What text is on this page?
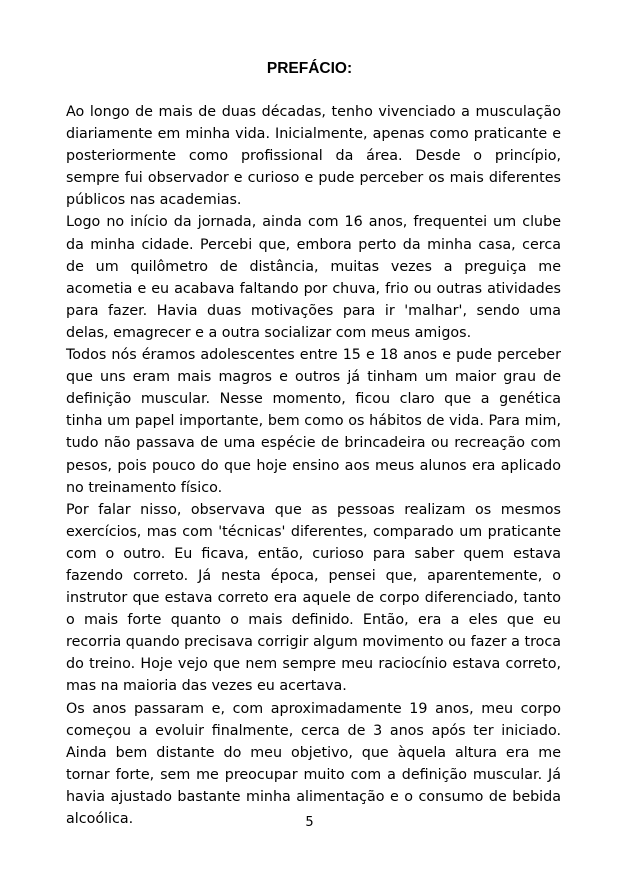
PREFÁCIO:

Ao longo de mais de duas décadas, tenho vivenciado a musculação diariamente em minha vida. Inicialmente, apenas como praticante e posteriormente como profissional da área. Desde o princípio, sempre fui observador e curioso e pude perceber os mais diferentes públicos nas academias.

Logo no início da jornada, ainda com 16 anos, frequentei um clube da minha cidade. Percebi que, embora perto da minha casa, cerca de um quilômetro de distância, muitas vezes a preguiça me acometia e eu acabava faltando por chuva, frio ou outras atividades para fazer. Havia duas motivações para ir 'malhar', sendo uma delas, emagrecer e a outra socializar com meus amigos.

Todos nós éramos adolescentes entre 15 e 18 anos e pude perceber que uns eram mais magros e outros já tinham um maior grau de definição muscular. Nesse momento, ficou claro que a genética tinha um papel importante, bem como os hábitos de vida. Para mim, tudo não passava de uma espécie de brincadeira ou recreação com pesos, pois pouco do que hoje ensino aos meus alunos era aplicado no treinamento físico.

Por falar nisso, observava que as pessoas realizam os mesmos exercícios, mas com 'técnicas' diferentes, comparado um praticante com o outro. Eu ficava, então, curioso para saber quem estava fazendo correto. Já nesta época, pensei que, aparentemente, o instrutor que estava correto era aquele de corpo diferenciado, tanto o mais forte quanto o mais definido. Então, era a eles que eu recorria quando precisava corrigir algum movimento ou fazer a troca do treino. Hoje vejo que nem sempre meu raciocínio estava correto, mas na maioria das vezes eu acertava.

Os anos passaram e, com aproximadamente 19 anos, meu corpo começou a evoluir finalmente, cerca de 3 anos após ter iniciado. Ainda bem distante do meu objetivo, que àquela altura era me tornar forte, sem me preocupar muito com a definição muscular. Já havia ajustado bastante minha alimentação e o consumo de bebida alcoólica.	5
